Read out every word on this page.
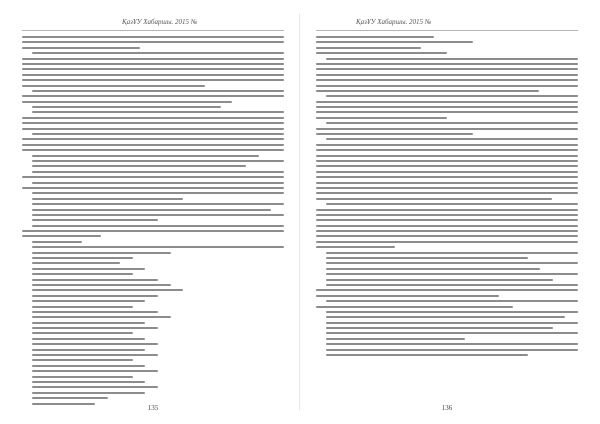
ҚазҰУ Хабаршы. 2015 №
135
ҚазҰУ Хабаршы. 2015 №
136
